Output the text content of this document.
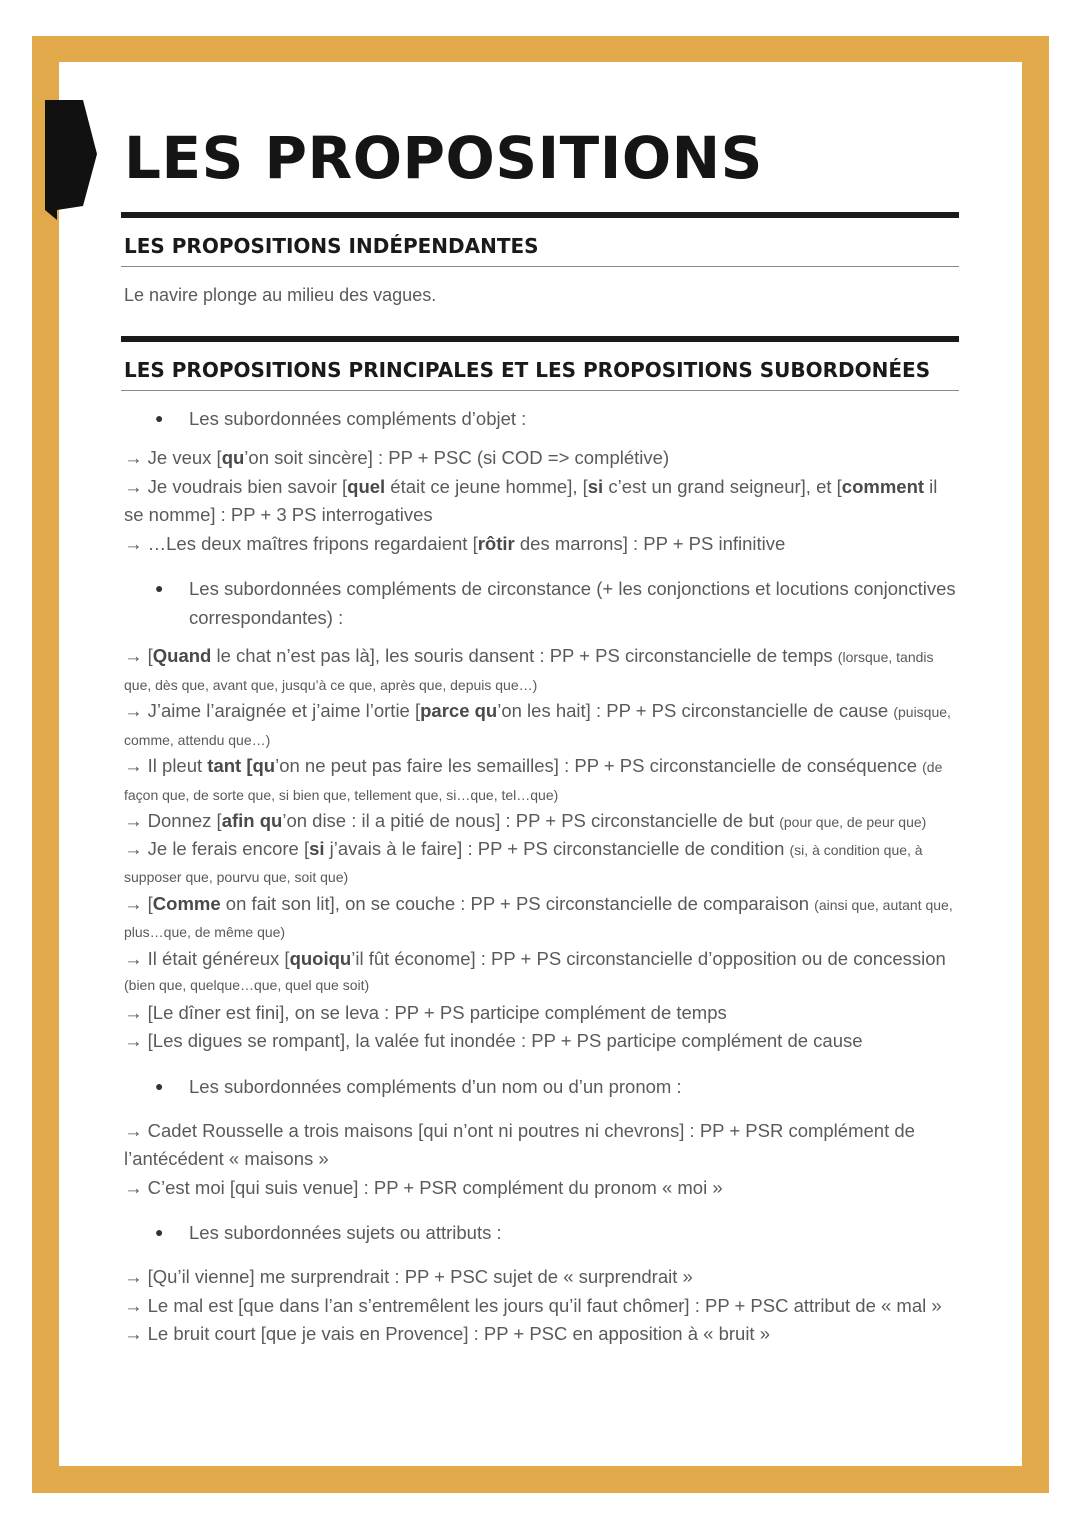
LES PROPOSITIONS
LES PROPOSITIONS INDÉPENDANTES
Le navire plonge au milieu des vagues.
LES PROPOSITIONS PRINCIPALES ET LES PROPOSITIONS SUBORDONÉES
●	Les subordonnées compléments d’objet :

→ Je veux [qu’on soit sincère] : PP + PSC (si COD => complétive)

→ Je voudrais bien savoir [quel était ce jeune homme], [si c’est un grand seigneur], et [comment il se nomme] : PP + 3 PS interrogatives

→ …Les deux maîtres fripons regardaient [rôtir des marrons] : PP + PS infinitive

●	Les subordonnées compléments de circonstance (+ les conjonctions et locutions conjonctives correspondantes) :

→ [Quand le chat n’est pas là], les souris dansent : PP + PS circonstancielle de temps (lorsque, tandis que, dès que, avant que, jusqu’à ce que, après que, depuis que…)

→ J’aime l’araignée et j’aime l’ortie [parce qu’on les hait] : PP + PS circonstancielle de cause (puisque, comme, attendu que…)

→ Il pleut tant [qu’on ne peut pas faire les semailles] : PP + PS circonstancielle de conséquence (de façon que, de sorte que, si bien que, tellement que, si…que, tel…que)

→ Donnez [afin qu’on dise : il a pitié de nous] : PP + PS circonstancielle de but (pour que, de peur que)

→ Je le ferais encore [si j’avais à le faire] : PP + PS circonstancielle de condition (si, à condition que, à supposer que, pourvu que, soit que)

→ [Comme on fait son lit], on se couche : PP + PS circonstancielle de comparaison (ainsi que, autant que, plus…que, de même que)

→ Il était généreux [quoiqu’il fût économe] : PP + PS circonstancielle d’opposition ou de concession (bien que, quelque…que, quel que soit)

→ [Le dîner est fini], on se leva : PP + PS participe complément de temps

→ [Les digues se rompant], la valée fut inondée : PP + PS participe complément de cause

●	Les subordonnées compléments d’un nom ou d’un pronom :

→ Cadet Rousselle a trois maisons [qui n’ont ni poutres ni chevrons] : PP + PSR complément de l’antécédent « maisons »

→ C’est moi [qui suis venue] : PP + PSR complément du pronom « moi »

●	Les subordonnées sujets ou attributs :

→ [Qu’il vienne] me surprendrait : PP + PSC sujet de « surprendrait »

→ Le mal est [que dans l’an s’entremêlent les jours qu’il faut chômer] : PP + PSC attribut de « mal »

→ Le bruit court [que je vais en Provence] : PP + PSC en apposition à « bruit »
